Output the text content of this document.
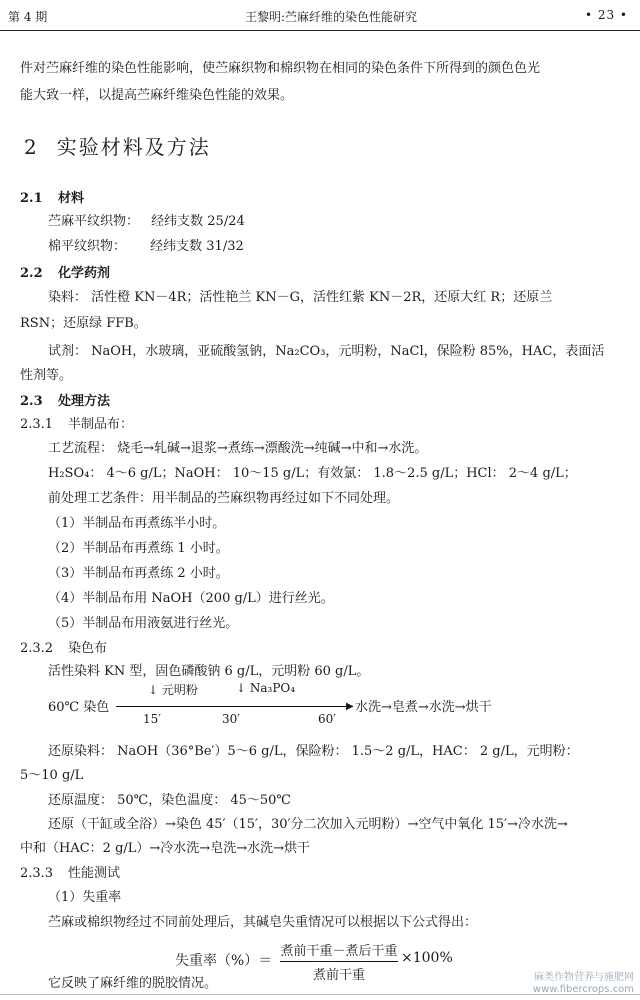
第 4 期	王黎明:苎麻纤维的染色性能研究	• 23 •
件对苎麻纤维的染色性能影响，使苎麻织物和棉织物在相同的染色条件下所得到的颜色色光
能大致一样，以提高苎麻纤维染色性能的效果。
2 实验材料及方法
2.1 材料
苎麻平纹织物： 经纬支数 25/24
棉平纹织物： 经纬支数 31/32
2.2 化学药剂
染料： 活性橙 KN－4R；活性艳兰 KN－G，活性红紫 KN－2R，还原大红 R；还原兰
RSN；还原绿 FFB。
试剂： NaOH，水玻璃，亚硫酸氢钠，Na₂CO₃，元明粉，NaCl，保险粉 85%，HAC，表面活
性剂等。
2.3 处理方法
2.3.1 半制品布：
工艺流程： 烧毛→轧碱→退浆→煮练→漂酸洗→纯碱→中和→水洗。
H₂SO₄： 4～6 g/L；NaOH： 10～15 g/L；有效氯： 1.8～2.5 g/L；HCl： 2～4 g/L；
前处理工艺条件：用半制品的苎麻织物再经过如下不同处理。
（1）半制品布再煮练半小时。
（2）半制品布再煮练 1 小时。
（3）半制品布再煮练 2 小时。
（4）半制品布用 NaOH（200 g/L）进行丝光。
（5）半制品布用液氨进行丝光。
2.3.2 染色布
活性染料 KN 型，固色磷酸钠 6 g/L，元明粉 60 g/L。
60℃ 染色
↓ 元明粉	↓ Na₃PO₄
▶ 水洗→皂煮→水洗→烘干
15′	30′	60′
还原染料： NaOH（36°Be′）5～6 g/L，保险粉： 1.5～2 g/L，HAC： 2 g/L，元明粉：
5～10 g/L
还原温度： 50℃，染色温度： 45～50℃
还原（干缸或全浴）→染色 45′（15′，30′分二次加入元明粉）→空气中氧化 15′→冷水洗→
中和（HAC：2 g/L）→冷水洗→皂洗→水洗→烘干
2.3.3 性能测试
（1）失重率
苎麻或棉织物经过不同前处理后，其碱皂失重情况可以根据以下公式得出：
失重率（%）＝
煮前干重－煮后干重
煮前干重
×100%
它反映了麻纤维的脱胶情况。	麻类作物营养与施肥网
www.fibercrops.com
